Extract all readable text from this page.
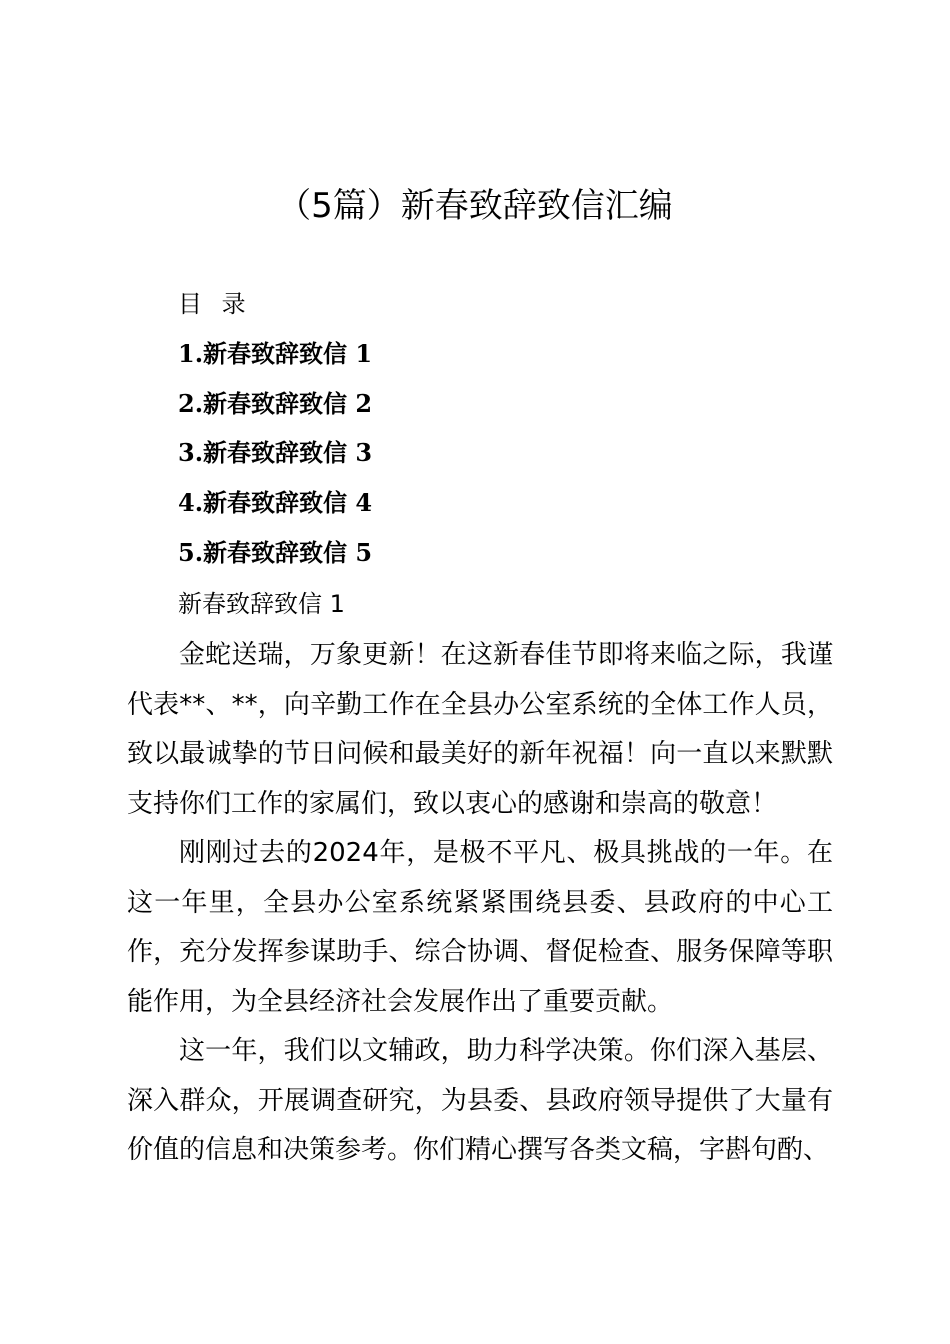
（5篇）新春致辞致信汇编
目 录
1.新春致辞致信 1
2.新春致辞致信 2
3.新春致辞致信 3
4.新春致辞致信 4
5.新春致辞致信 5
新春致辞致信 1

金蛇送瑞，万象更新！在这新春佳节即将来临之际，我谨代表**、**，向辛勤工作在全县办公室系统的全体工作人员，致以最诚挚的节日问候和最美好的新年祝福！向一直以来默默支持你们工作的家属们，致以衷心的感谢和崇高的敬意！

刚刚过去的2024年，是极不平凡、极具挑战的一年。在这一年里，全县办公室系统紧紧围绕县委、县政府的中心工作，充分发挥参谋助手、综合协调、督促检查、服务保障等职能作用，为全县经济社会发展作出了重要贡献。

这一年，我们以文辅政，助力科学决策。你们深入基层、深入群众，开展调查研究，为县委、县政府领导提供了大量有价值的信息和决策参考。你们精心撰写各类文稿，字斟句酌、
